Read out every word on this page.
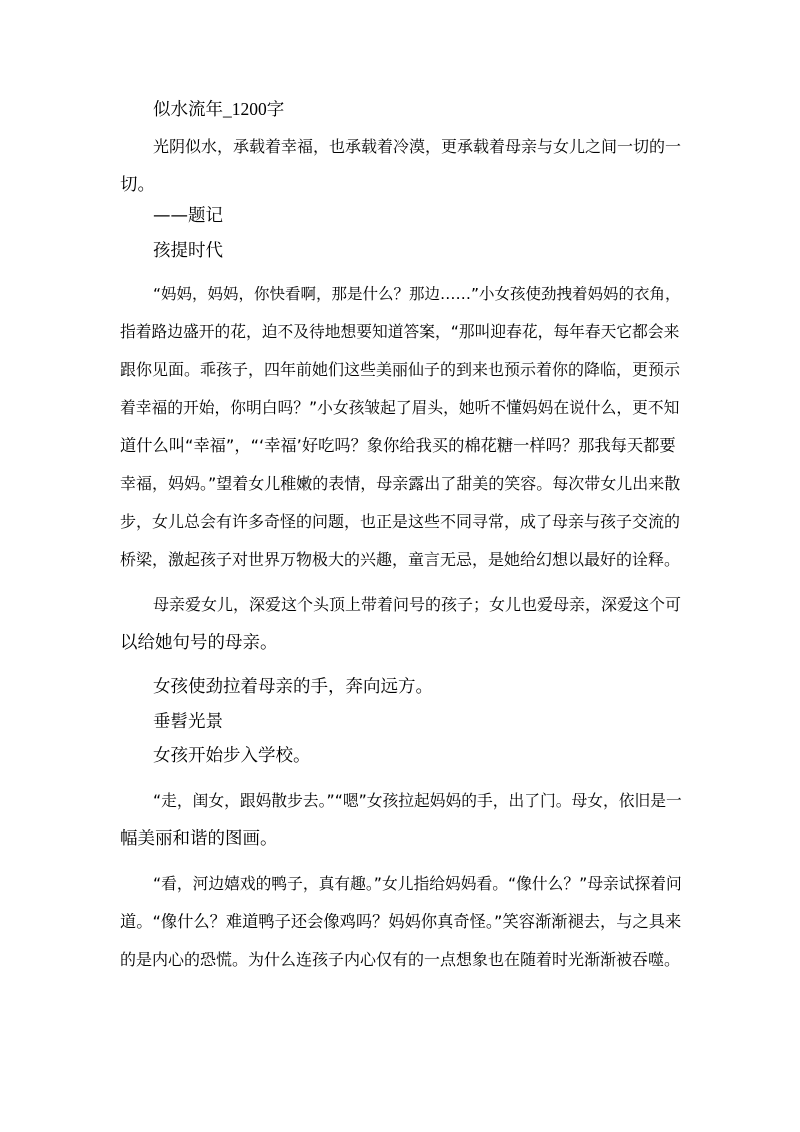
似水流年_1200字

光阴似水，承载着幸福，也承载着冷漠，更承载着母亲与女儿之间一切的一

切。

——题记

孩提时代

“妈妈，妈妈，你快看啊，那是什么？那边……”小女孩使劲拽着妈妈的衣角，

指着路边盛开的花，迫不及待地想要知道答案，“那叫迎春花，每年春天它都会来

跟你见面。乖孩子，四年前她们这些美丽仙子的到来也预示着你的降临，更预示

着幸福的开始，你明白吗？”小女孩皱起了眉头，她听不懂妈妈在说什么，更不知

道什么叫“幸福”，“‘幸福’好吃吗？象你给我买的棉花糖一样吗？那我每天都要

幸福，妈妈。”望着女儿稚嫩的表情，母亲露出了甜美的笑容。每次带女儿出来散

步，女儿总会有许多奇怪的问题，也正是这些不同寻常，成了母亲与孩子交流的

桥梁，激起孩子对世界万物极大的兴趣，童言无忌，是她给幻想以最好的诠释。

母亲爱女儿，深爱这个头顶上带着问号的孩子；女儿也爱母亲，深爱这个可

以给她句号的母亲。

女孩使劲拉着母亲的手，奔向远方。

垂髫光景

女孩开始步入学校。

“走，闺女，跟妈散步去。”“嗯”女孩拉起妈妈的手，出了门。母女，依旧是一

幅美丽和谐的图画。

“看，河边嬉戏的鸭子，真有趣。”女儿指给妈妈看。“像什么？”母亲试探着问

道。“像什么？难道鸭子还会像鸡吗？妈妈你真奇怪。”笑容渐渐褪去，与之具来

的是内心的恐慌。为什么连孩子内心仅有的一点想象也在随着时光渐渐被吞噬。
